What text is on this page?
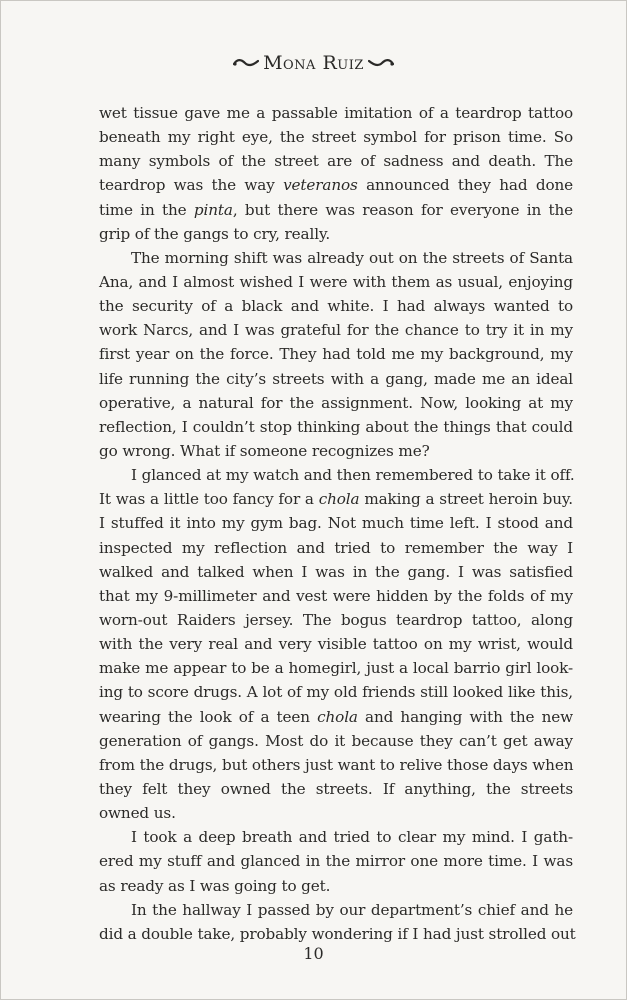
Mona Ruiz
wet tissue gave me a passable imitation of a teardrop tattoo
beneath my right eye, the street symbol for prison time. So
many symbols of the street are of sadness and death. The
teardrop was the way veteranos announced they had done
time in the pinta, but there was reason for everyone in the
grip of the gangs to cry, really.
The morning shift was already out on the streets of Santa
Ana, and I almost wished I were with them as usual, enjoying
the security of a black and white. I had always wanted to
work Narcs, and I was grateful for the chance to try it in my
first year on the force. They had told me my background, my
life running the city’s streets with a gang, made me an ideal
operative, a natural for the assignment. Now, looking at my
reflection, I couldn’t stop thinking about the things that could
go wrong. What if someone recognizes me?
I glanced at my watch and then remembered to take it off.
It was a little too fancy for a chola making a street heroin buy.
I stuffed it into my gym bag. Not much time left. I stood and
inspected my reflection and tried to remember the way I
walked and talked when I was in the gang. I was satisfied
that my 9-millimeter and vest were hidden by the folds of my
worn-out Raiders jersey. The bogus teardrop tattoo, along
with the very real and very visible tattoo on my wrist, would
make me appear to be a homegirl, just a local barrio girl look-
ing to score drugs. A lot of my old friends still looked like this,
wearing the look of a teen chola and hanging with the new
generation of gangs. Most do it because they can’t get away
from the drugs, but others just want to relive those days when
they felt they owned the streets. If anything, the streets
owned us.
I took a deep breath and tried to clear my mind. I gath-
ered my stuff and glanced in the mirror one more time. I was
as ready as I was going to get.
In the hallway I passed by our department’s chief and he
did a double take, probably wondering if I had just strolled out
10
